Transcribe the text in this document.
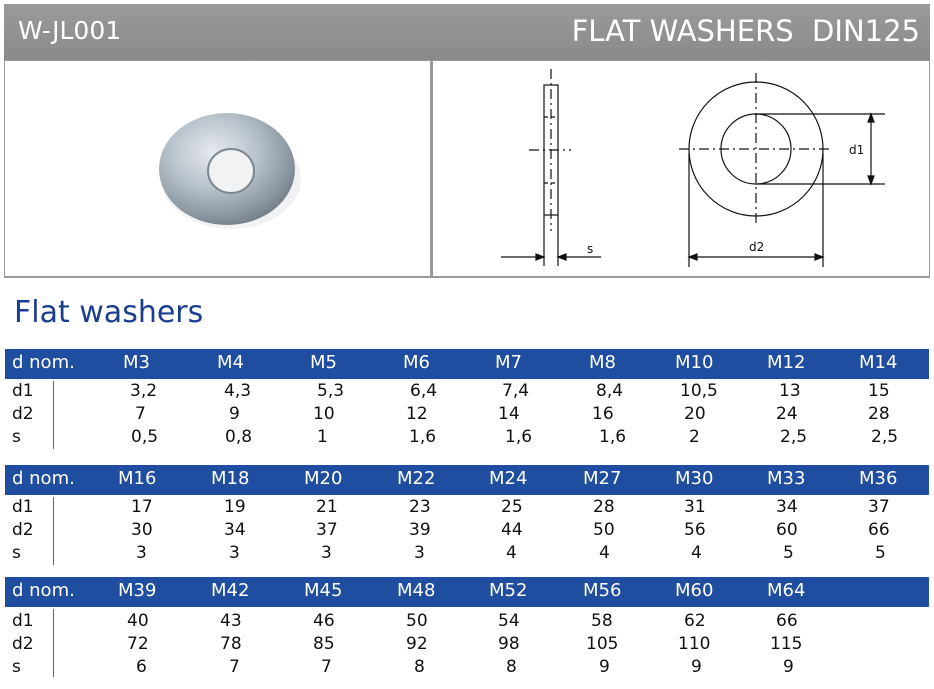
W-JL001	FLAT WASHERS  DIN125
s
d1
d2
Flat washers
d nom.	M3	M4	M5	M6	M7	M8	M10	M12	M14
d1	3,2	4,3	5,3	6,4	7,4	8,4	10,5	13	15
d2	7	9	10	12	14	16	20	24	28
s	0,5	0,8	1	1,6	1,6	1,6	2	2,5	2,5
d nom. M16	M18	M20	M22	M24	M27	M30	M33	M36
d1	17	19	21	23	25	28	31	34	37
d2	30	34	37	39	44	50	56	60	66
s	3	3	3	3	4	4	4	5	5
d nom. M39	M42	M45	M48	M52	M56	M60	M64
d1	40	43	46	50	54	58	62	66
d2	72	78	85	92	98	105	110	115
s	6	7	7	8	8	9	9	9
